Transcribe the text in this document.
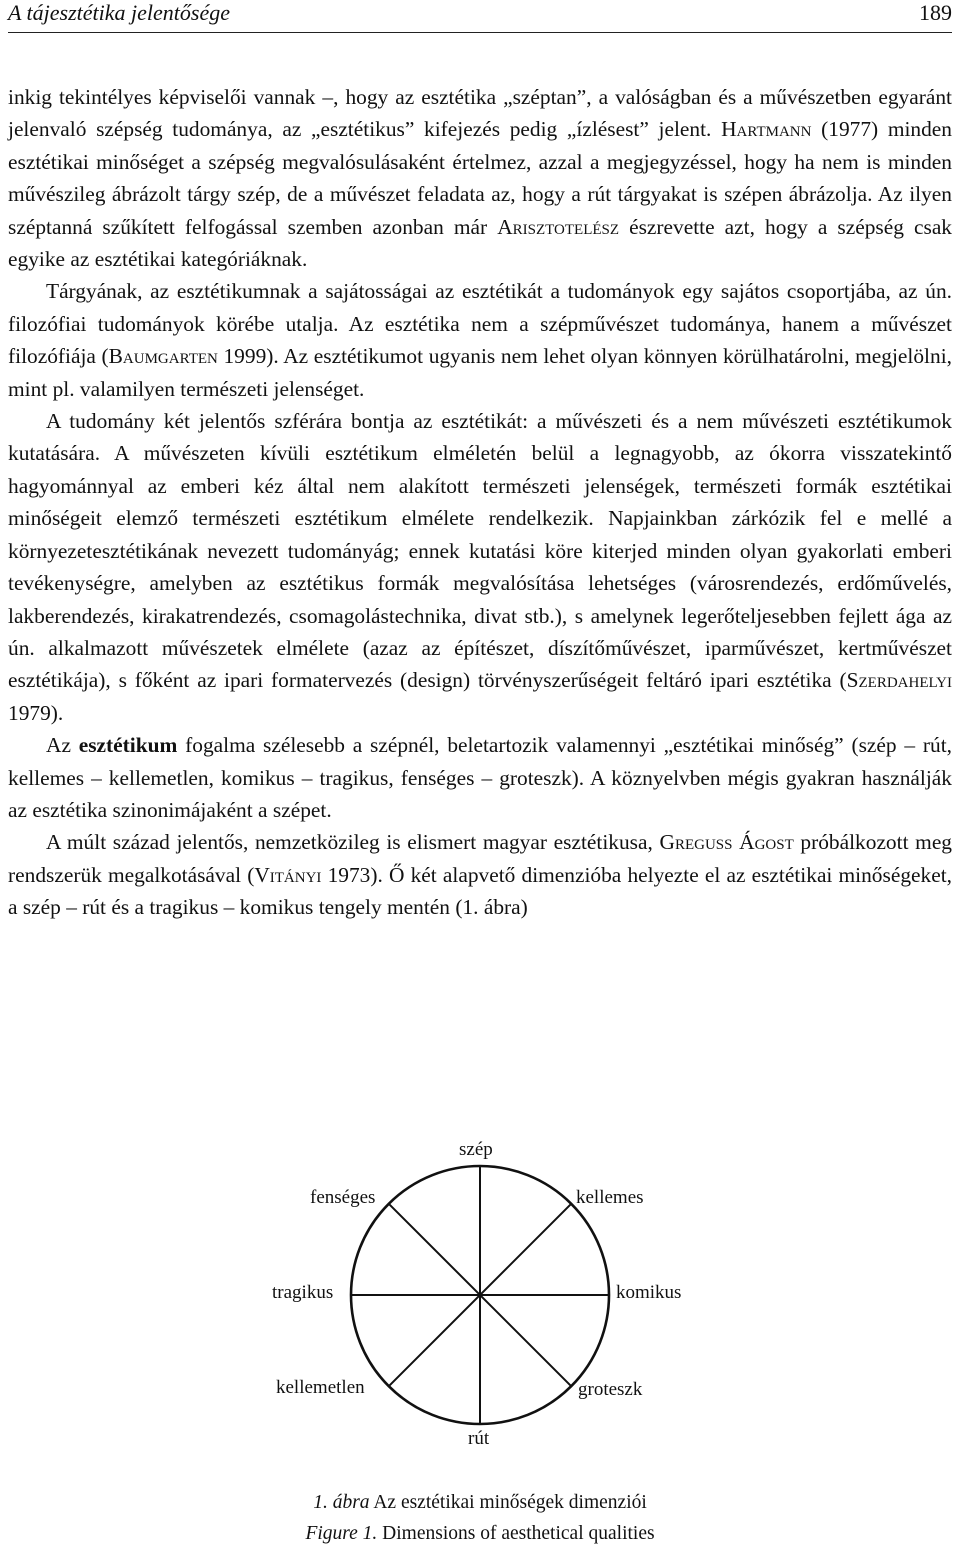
A tájesztétika jelentősége	189

inkig tekintélyes képviselői vannak –, hogy az esztétika „széptan”, a valóságban és a művészetben egyaránt jelenvaló szépség tudománya, az „esztétikus” kifejezés pedig „ízlésest” jelent. Hartmann (1977) minden esztétikai minőséget a szépség megvalósulásaként értelmez, azzal a megjegyzéssel, hogy ha nem is minden művészileg ábrázolt tárgy szép, de a művészet feladata az, hogy a rút tárgyakat is szépen ábrázolja. Az ilyen széptanná szűkített felfogással szemben azonban már Arisztotelész észrevette azt, hogy a szépség csak egyike az esztétikai kategóriáknak.

Tárgyának, az esztétikumnak a sajátosságai az esztétikát a tudományok egy sajátos csoportjába, az ún. filozófiai tudományok körébe utalja. Az esztétika nem a szépművészet tudománya, hanem a művészet filozófiája (Baumgarten 1999). Az esztétikumot ugyanis nem lehet olyan könnyen körülhatárolni, megjelölni, mint pl. valamilyen természeti jelenséget.

A tudomány két jelentős szférára bontja az esztétikát: a művészeti és a nem művészeti esztétikumok kutatására. A művészeten kívüli esztétikum elméletén belül a legnagyobb, az ókorra visszatekintő hagyománnyal az emberi kéz által nem alakított természeti jelenségek, természeti formák esztétikai minőségeit elemző természeti esztétikum elmélete rendelkezik. Napjainkban zárkózik fel e mellé a környezetesztétikának nevezett tudományág; ennek kutatási köre kiterjed minden olyan gyakorlati emberi tevékenységre, amelyben az esztétikus formák megvalósítása lehetséges (városrendezés, erdőművelés, lakberendezés, kirakatrendezés, csomagolástechnika, divat stb.), s amelynek legerőteljesebben fejlett ága az ún. alkalmazott művészetek elmélete (azaz az építészet, díszítőművészet, iparművészet, kertművészet esztétikája), s főként az ipari formatervezés (design) törvényszerűségeit feltáró ipari esztétika (Szerdahelyi 1979).

Az esztétikum fogalma szélesebb a szépnél, beletartozik valamennyi „esztétikai minőség” (szép – rút, kellemes – kellemetlen, komikus – tragikus, fenséges – groteszk). A köznyelvben mégis gyakran használják az esztétika szinonimájaként a szépet.

A múlt század jelentős, nemzetközileg is elismert magyar esztétikusa, Greguss Ágost próbálkozott meg rendszerük megalkotásával (Vitányi 1973). Ő két alapvető dimenzióba helyezte el az esztétikai minőségeket, a szép – rút és a tragikus – komikus tengely mentén (1. ábra)

szép
fenséges	kellemes
tragikus	komikus
kellemetlen	groteszk
rút
1. ábra Az esztétikai minőségek dimenziói
Figure 1. Dimensions of aesthetical qualities
